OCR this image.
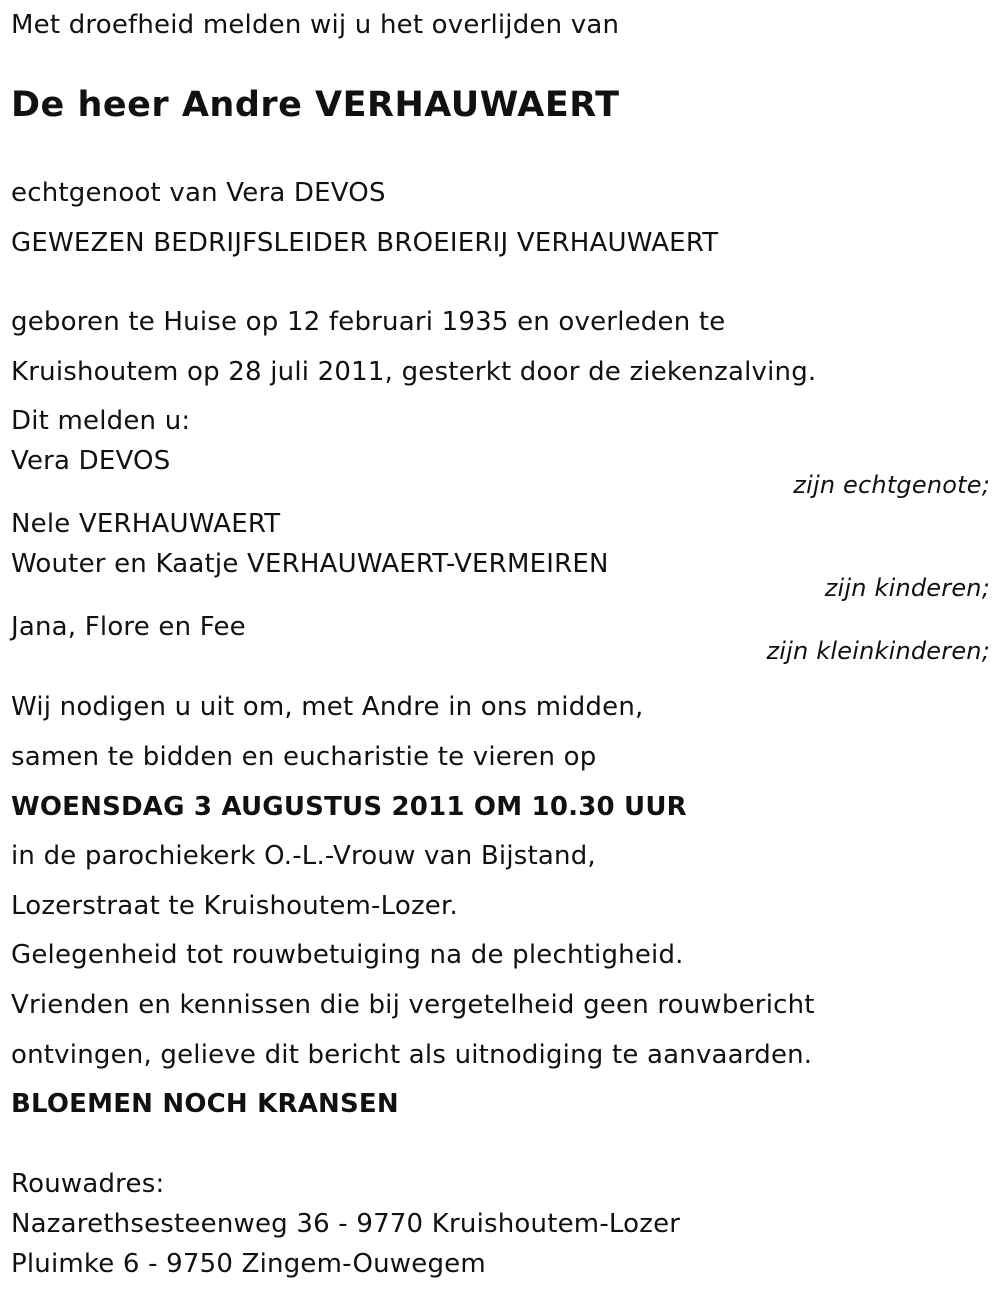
Met droefheid melden wij u het overlijden van
De heer Andre VERHAUWAERT
echtgenoot van Vera DEVOS
GEWEZEN BEDRIJFSLEIDER BROEIERIJ VERHAUWAERT
geboren te Huise op 12 februari 1935 en overleden te
Kruishoutem op 28 juli 2011, gesterkt door de ziekenzalving.
Dit melden u:
Vera DEVOS
zijn echtgenote;
Nele VERHAUWAERT
Wouter en Kaatje VERHAUWAERT-VERMEIREN
zijn kinderen;
Jana, Flore en Fee
zijn kleinkinderen;
Wij nodigen u uit om, met Andre in ons midden,
samen te bidden en eucharistie te vieren op
WOENSDAG 3 AUGUSTUS 2011 OM 10.30 UUR
in de parochiekerk O.-L.-Vrouw van Bijstand,
Lozerstraat te Kruishoutem-Lozer.
Gelegenheid tot rouwbetuiging na de plechtigheid.
Vrienden en kennissen die bij vergetelheid geen rouwbericht
ontvingen, gelieve dit bericht als uitnodiging te aanvaarden.
BLOEMEN NOCH KRANSEN
Rouwadres:
Nazarethsesteenweg 36 - 9770 Kruishoutem-Lozer
Pluimke 6 - 9750 Zingem-Ouwegem
